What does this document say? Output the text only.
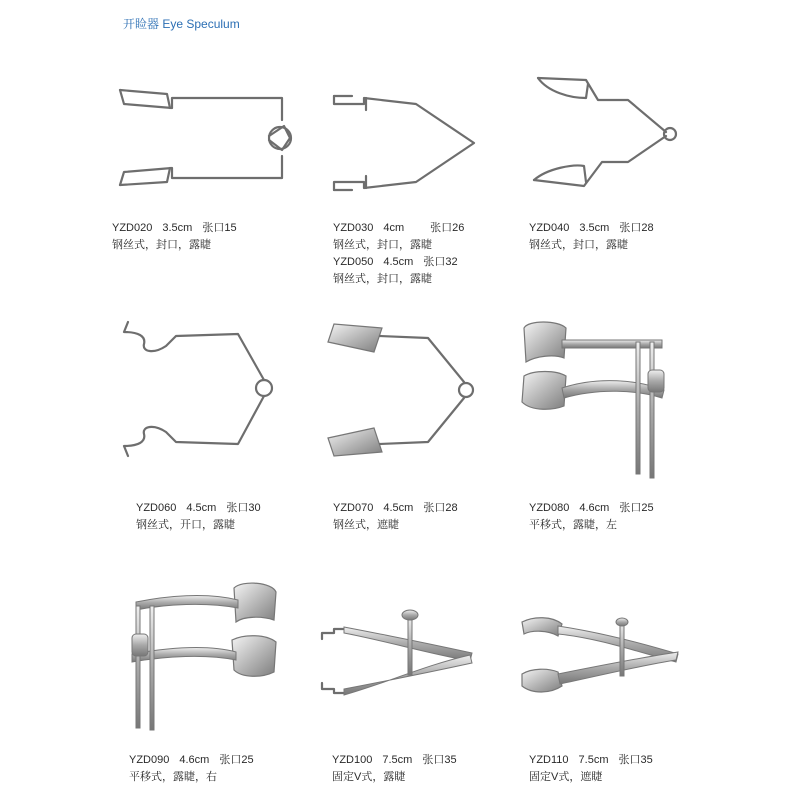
开睑器 Eye Speculum
YZD020 3.5cm 张口15
钢丝式，封口，露睫
YZD030 4cm 张口26
钢丝式，封口，露睫
YZD050 4.5cm 张口32
钢丝式，封口，露睫
YZD040 3.5cm 张口28
钢丝式，封口，露睫
YZD060 4.5cm 张口30
钢丝式，开口，露睫
YZD070 4.5cm 张口28
钢丝式，遮睫
YZD080 4.6cm 张口25
平移式，露睫，左
YZD090 4.6cm 张口25
平移式，露睫，右
YZD100 7.5cm 张口35
固定V式，露睫
YZD110 7.5cm 张口35
固定V式，遮睫
